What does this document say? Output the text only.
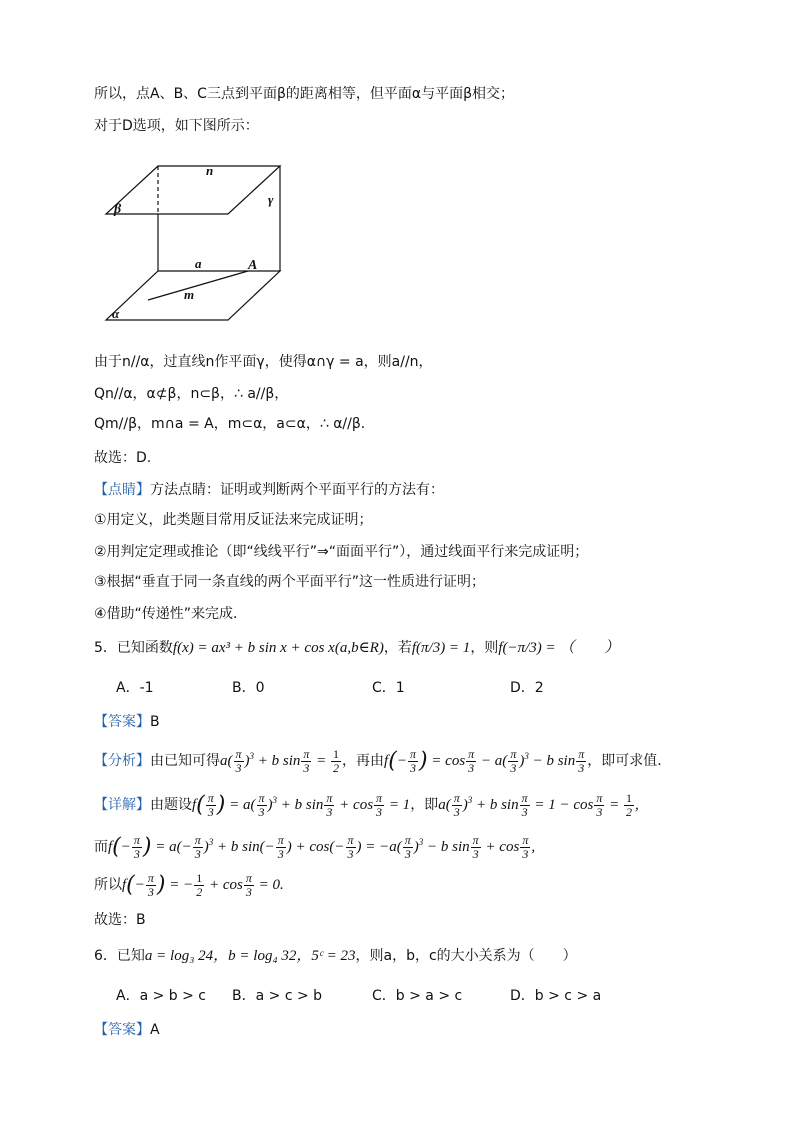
所以，点A、B、C三点到平面β的距离相等，但平面α与平面β相交；
对于D选项，如下图所示：
n
γ
β
a	A
m
α
由于n//α，过直线n作平面γ，使得α∩γ = a，则a//n，
Qn//α，α⊄β，n⊂β，∴ a//β，
Qm//β，m∩a = A，m⊂α，a⊂α，∴ α//β．
故选：D.
【点睛】方法点睛：证明或判断两个平面平行的方法有：
①用定义，此类题目常用反证法来完成证明；
②用判定定理或推论（即“线线平行”⇒“面面平行”），通过线面平行来完成证明；
③根据“垂直于同一条直线的两个平面平行”这一性质进行证明；
④借助“传递性”来完成．
5．已知函数f(x) = ax³ + b sin x + cos x(a,b∈R)，若f(π/3) = 1，则f(−π/3) = （　　）
A．-1	B．0	C．1	D．2
【答案】B
【分析】由已知可得$a( \frac{\pi}{3} )^3 + b$ $\sin \frac{\pi}{3} = \frac{1}{2}$ ，再由$f(- \frac{\pi}{3}$ ) = $\cos \frac{\pi}{3} - a( \frac{\pi}{3} )^3 - b$ $\sin \frac{\pi}{3}$ ，即可求值.
【详解】由题设$f( \frac{\pi}{3}$ ) = $a( \frac{\pi}{3} )^3 + b$ $\sin \frac{\pi}{3} + \cos \frac{\pi}{3} = 1$，即$a( \frac{\pi}{3} )^3 + b$ $\sin \frac{\pi}{3} = 1 - \cos \frac{\pi}{3} = \frac{1}{2}$ ,
而$f(- \frac{\pi}{3}$ ) = $a(- \frac{\pi}{3} )^3 + b$ $\sin(- \frac{\pi}{3}$ ) + $\cos(- \frac{\pi}{3}$ ) = $-a( \frac{\pi}{3} )^3 - b$ $\sin \frac{\pi}{3} + \cos \frac{\pi}{3}$ ,
所以$f(- \frac{\pi}{3}$ ) = − $\frac{1}{2} + \cos \frac{\pi}{3} = 0$.
故选：B
6．已知a = log₃ 24，b = log₄ 32，5ᶜ = 23，则a，b，c的大小关系为（　　）
A．a > b > c B．a > c > b	C．b > a > c	D．b > c > a
【答案】A
